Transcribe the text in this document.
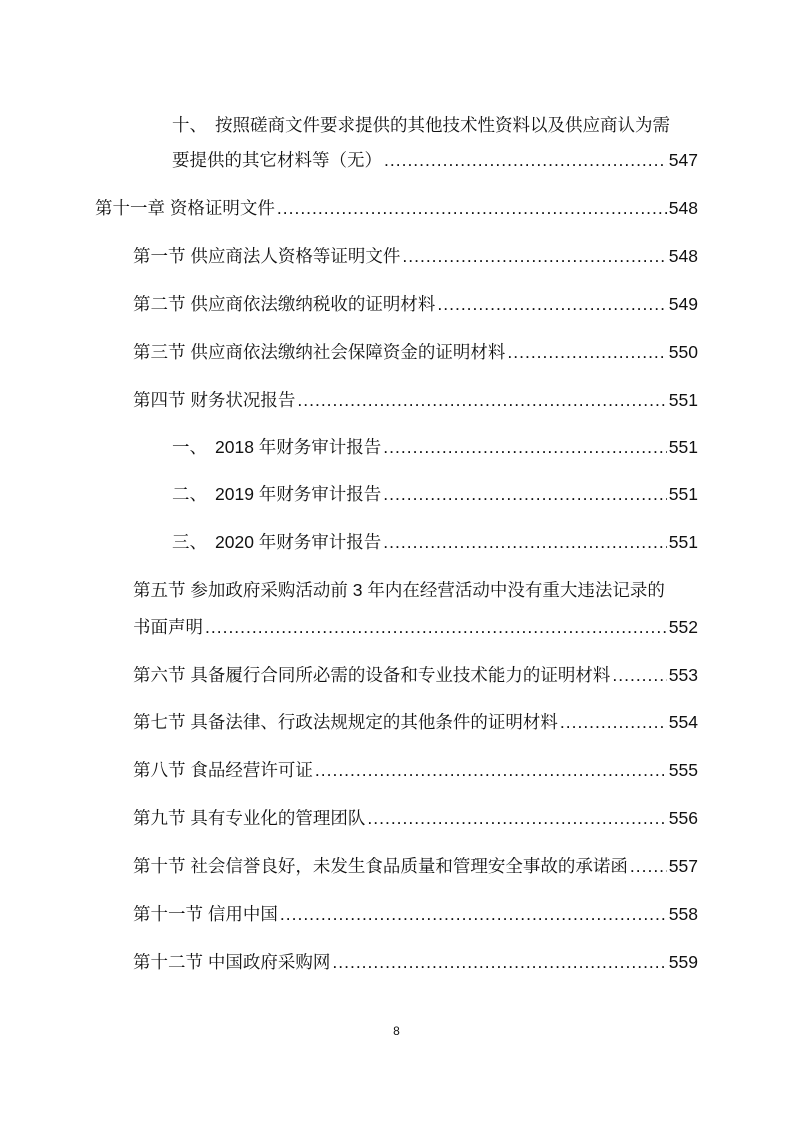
十、 按照磋商文件要求提供的其他技术性资料以及供应商认为需
要提供的其它材料等（无） .....	547
第十一章 资格证明文件 .....	548
第一节 供应商法人资格等证明文件 .....	548
第二节 供应商依法缴纳税收的证明材料 .....	549
第三节 供应商依法缴纳社会保障资金的证明材料 .....	550
第四节 财务状况报告 .....	551
一、 2018 年财务审计报告 .....	551
二、 2019 年财务审计报告 .....	551
三、 2020 年财务审计报告 .....	551
第五节 参加政府采购活动前 3 年内在经营活动中没有重大违法记录的
书面声明 .....	552
第六节 具备履行合同所必需的设备和专业技术能力的证明材料 .....	553
第七节 具备法律、行政法规规定的其他条件的证明材料 .....	554
第八节 食品经营许可证 .....	555
第九节 具有专业化的管理团队 .....	556
第十节 社会信誉良好，未发生食品质量和管理安全事故的承诺函 ..... 557
第十一节 信用中国 .....	558
第十二节 中国政府采购网 .....	559
8
